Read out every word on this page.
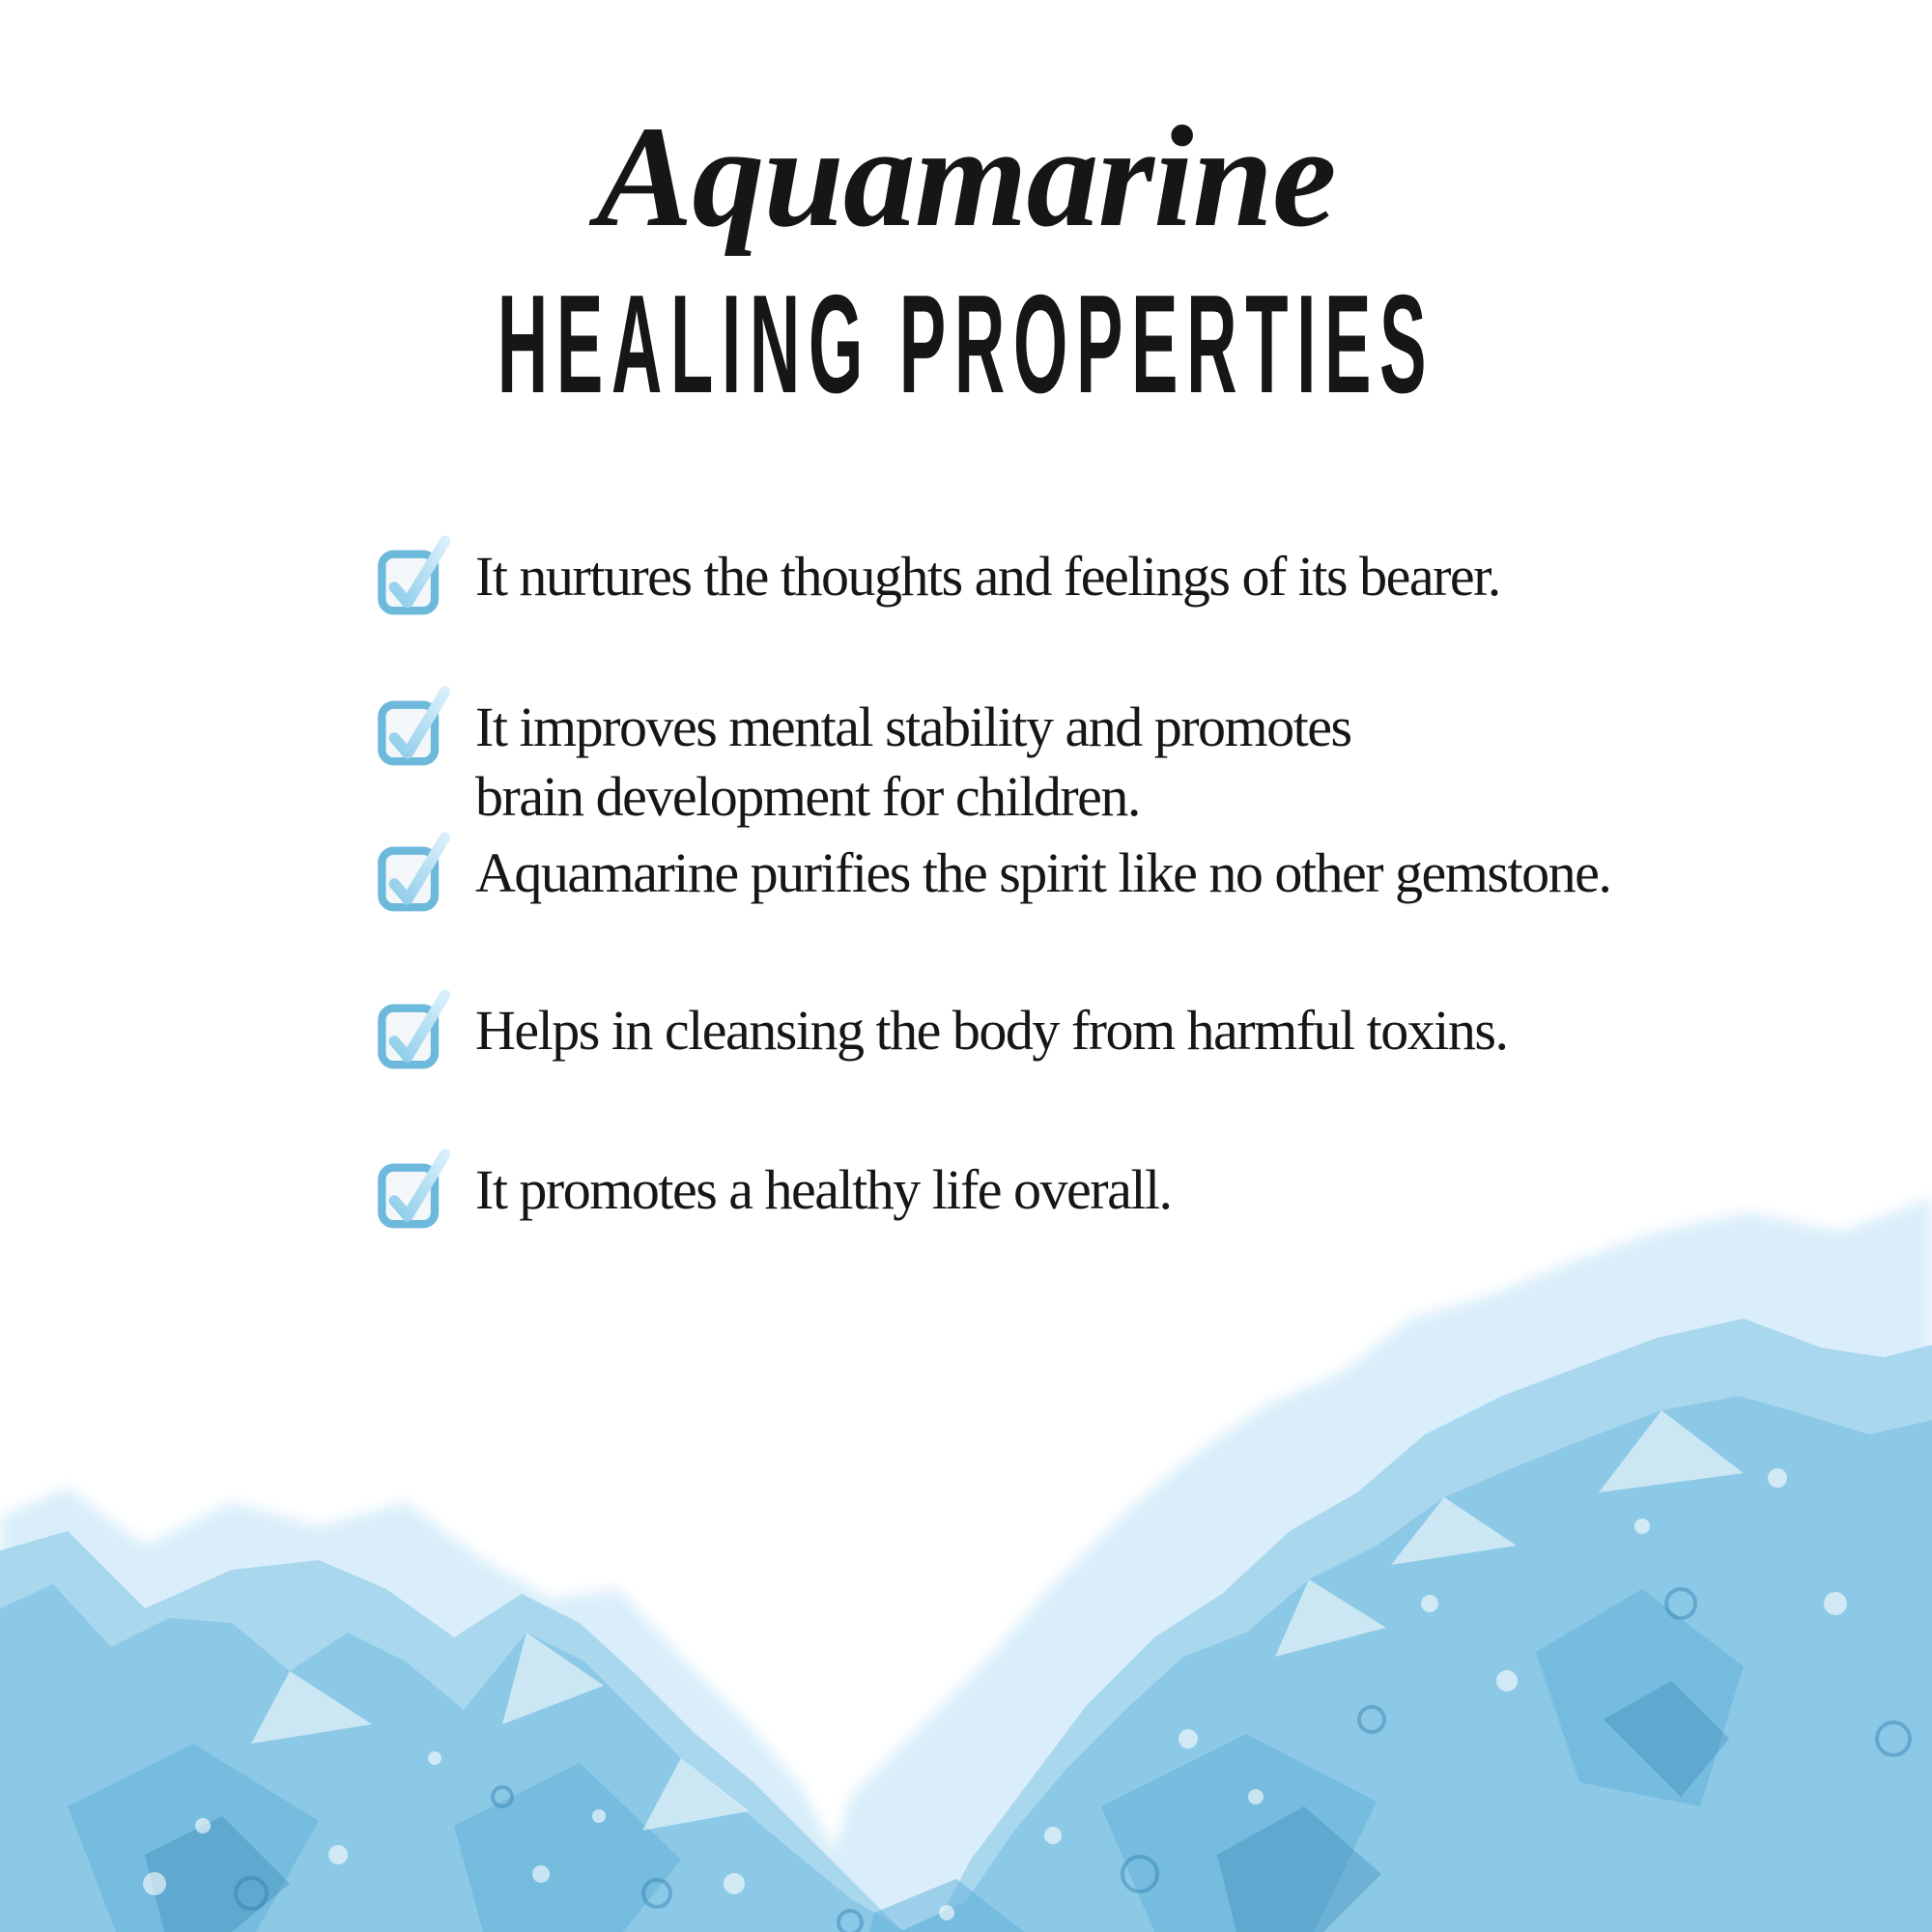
Aquamarine
HEALING PROPERTIES
It nurtures the thoughts and feelings of its bearer.
It improves mental stability and promotes
brain development for children.
Aquamarine purifies the spirit like no other gemstone.
Helps in cleansing the body from harmful toxins.
It promotes a healthy life overall.
